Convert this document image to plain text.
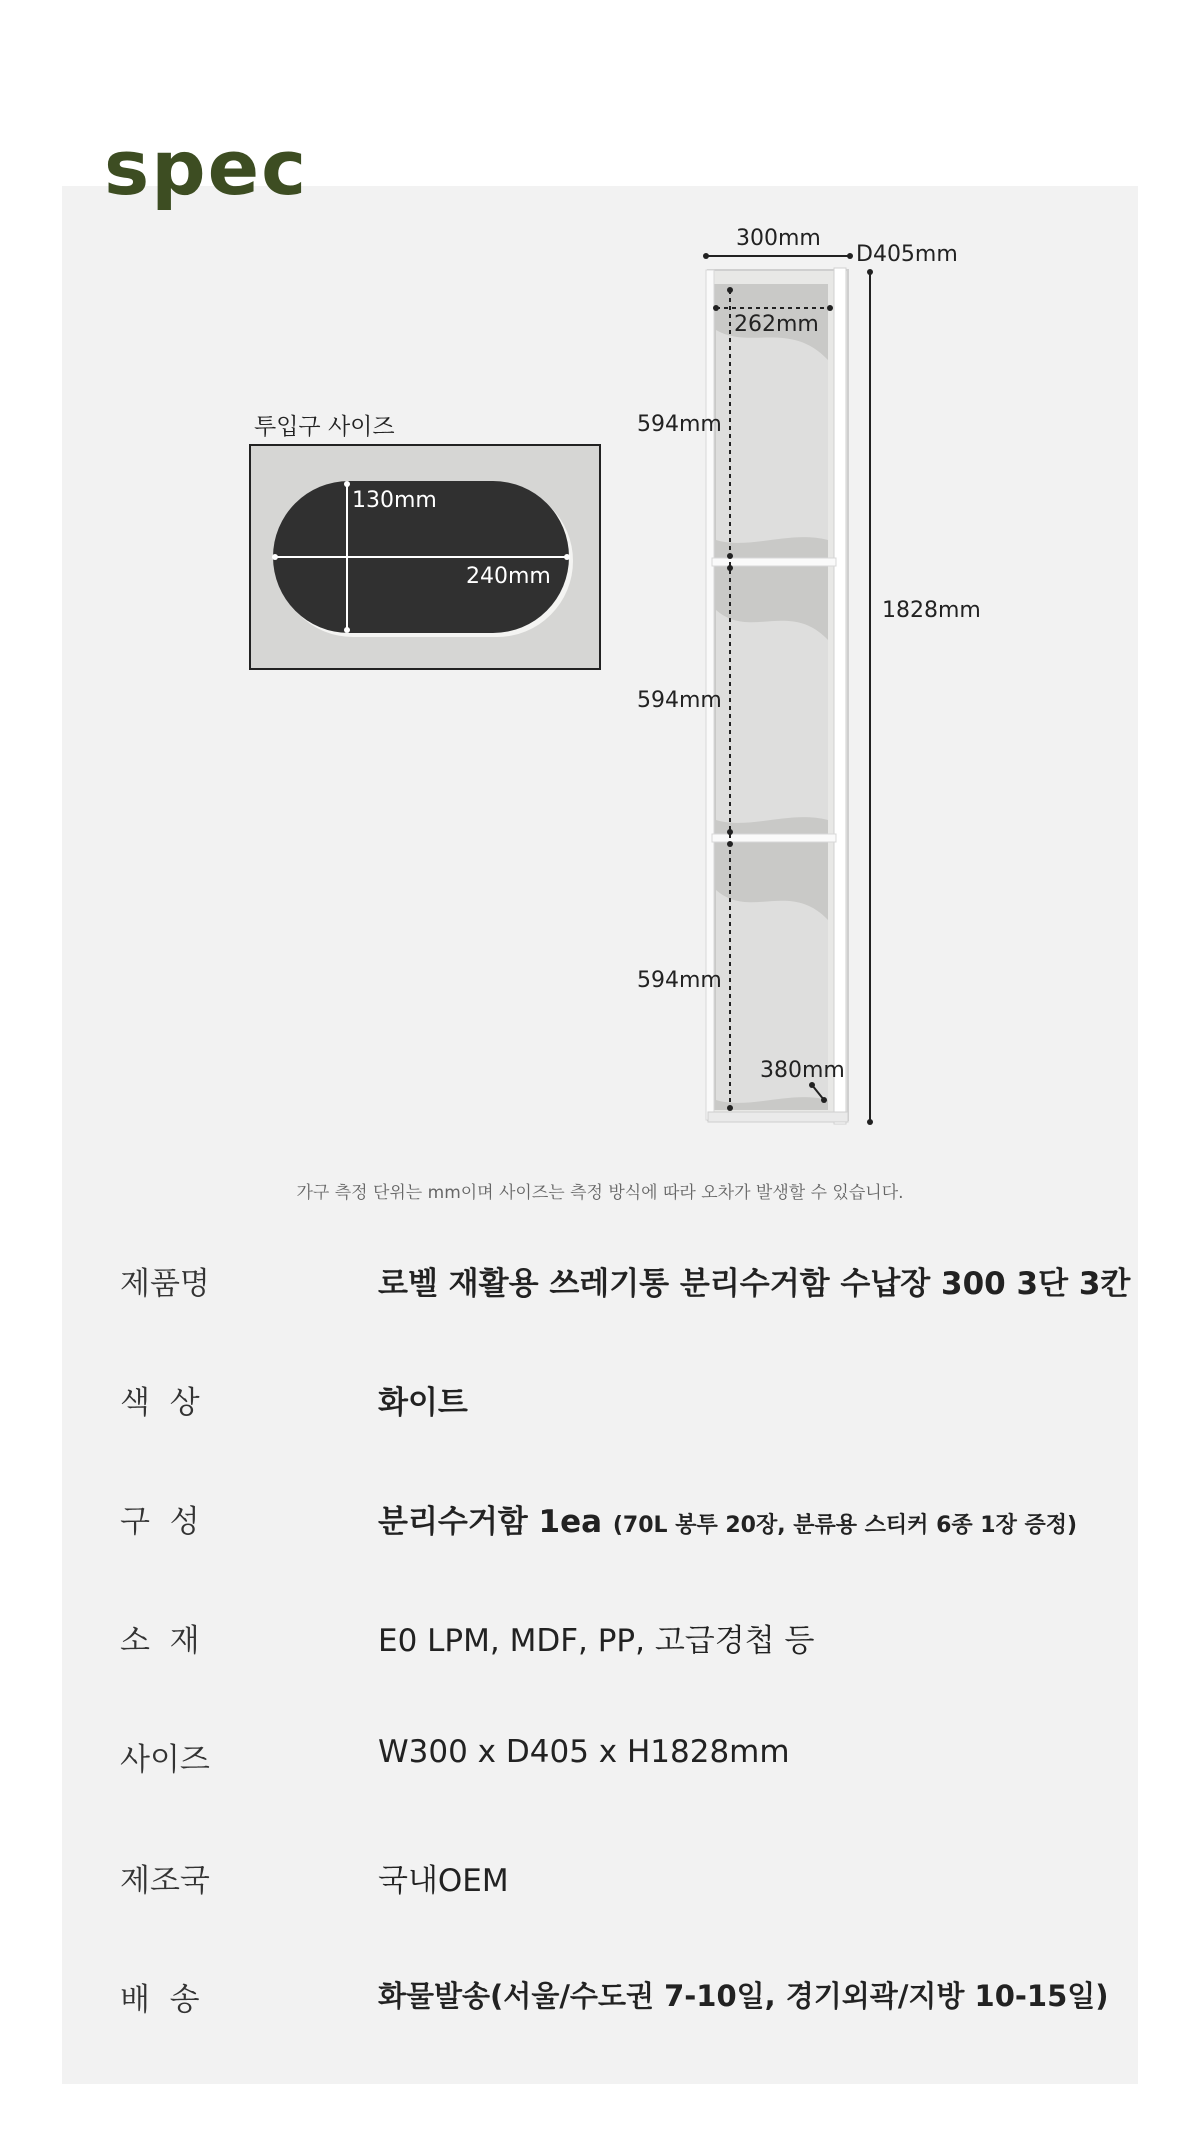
spec
투입구 사이즈
130mm
240mm
300mm
D405mm
262mm
594mm
1828mm
594mm
594mm
380mm
가구 측정 단위는 mm이며 사이즈는 측정 방식에 따라 오차가 발생할 수 있습니다.
제품명	로벨 재활용 쓰레기통 분리수거함 수납장 300 3단 3칸
색  상	화이트
구  성	분리수거함 1ea (70L 봉투 20장, 분류용 스티커 6종 1장 증정)
소  재	E0 LPM, MDF, PP, 고급경첩 등
사이즈	W300 x D405 x H1828mm
제조국	국내OEM
배  송	화물발송(서울/수도권 7-10일, 경기외곽/지방 10-15일)
